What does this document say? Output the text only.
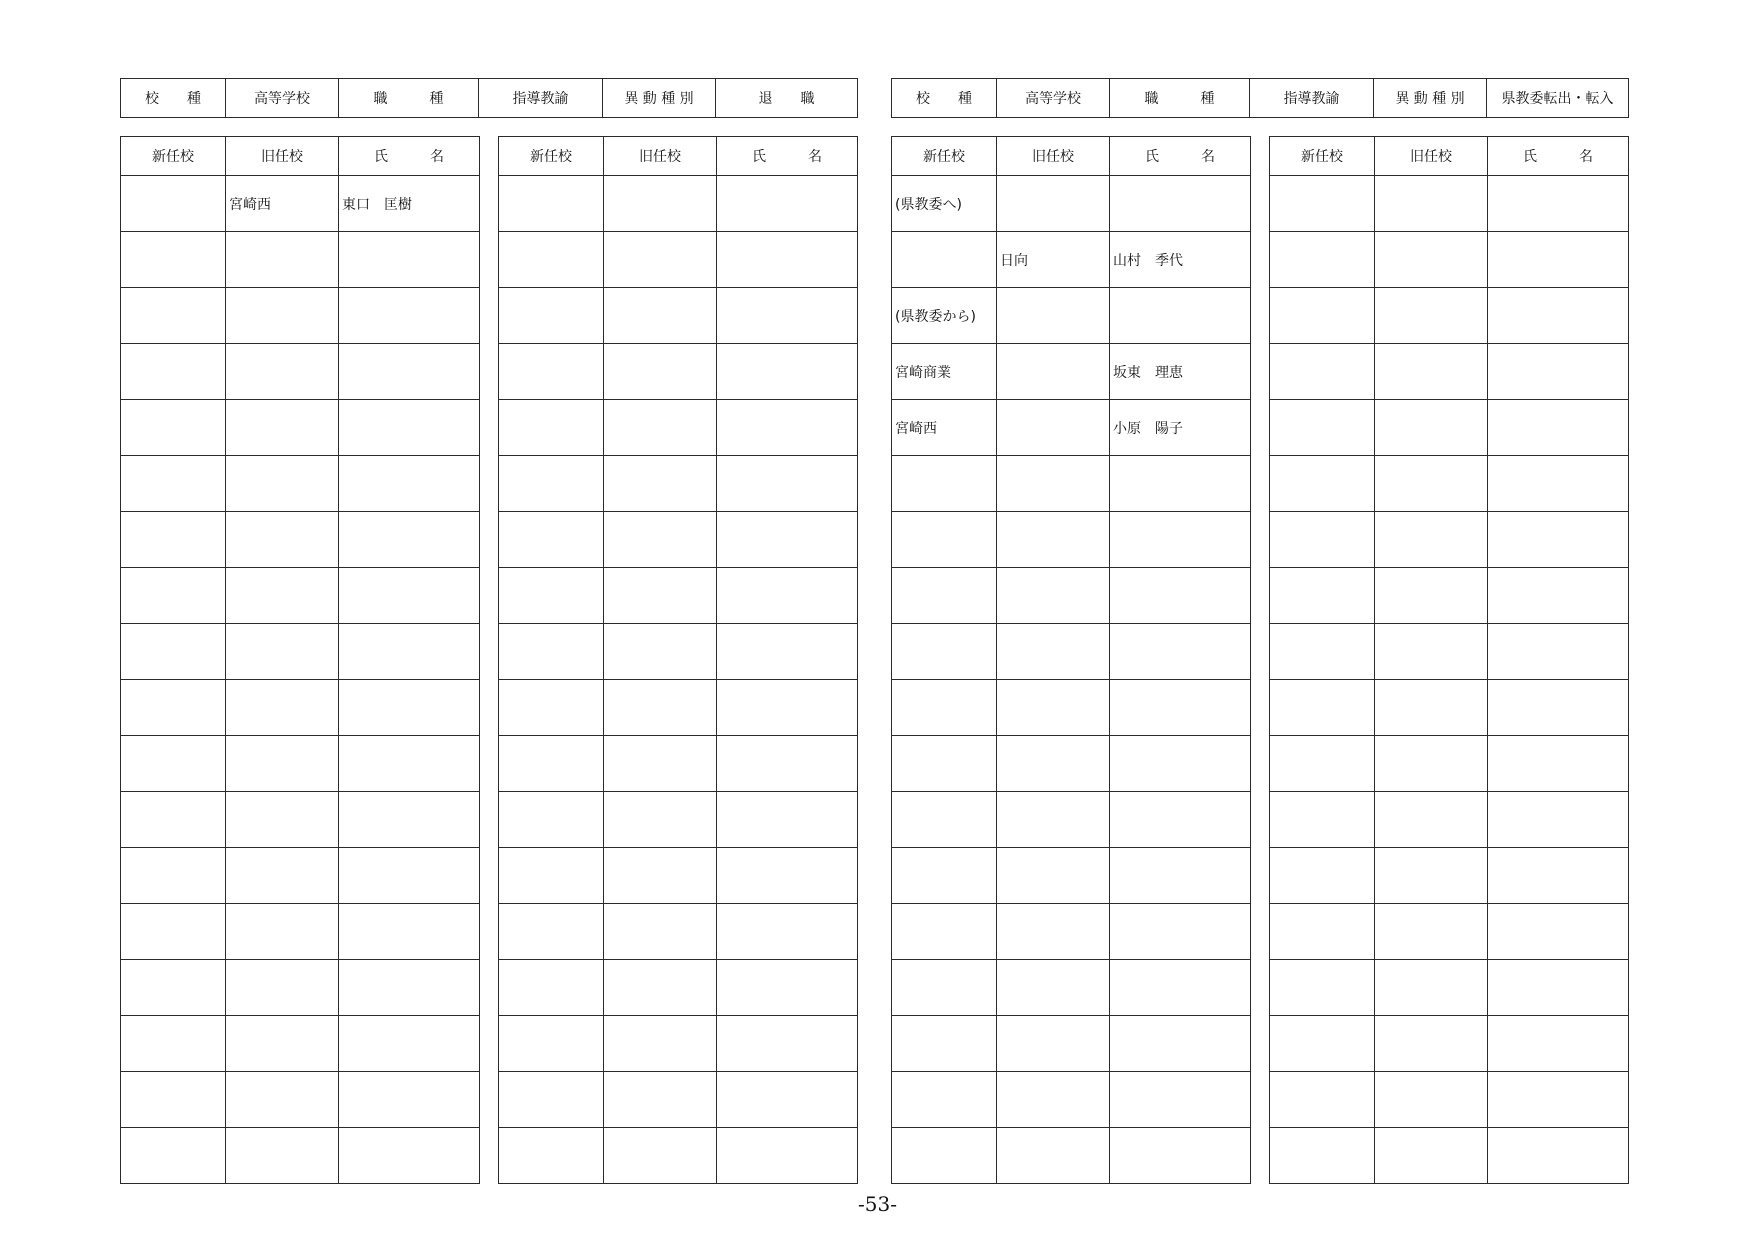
校　　種	高等学校	職　　　種	指導教諭	異 動 種 別	退　　職
新任校	旧任校	氏　　　名
	宮崎西	東口　匡樹

新任校	旧任校	氏　　　名

校　　種	高等学校	職　　　種	指導教諭	異 動 種 別	県教委転出・転入
新任校	旧任校	氏　　　名
(県教委へ)		
	日向	山村　季代
(県教委から)		
宮崎商業		坂東　理恵
宮崎西		小原　陽子

新任校	旧任校	氏　　　名

-53-
